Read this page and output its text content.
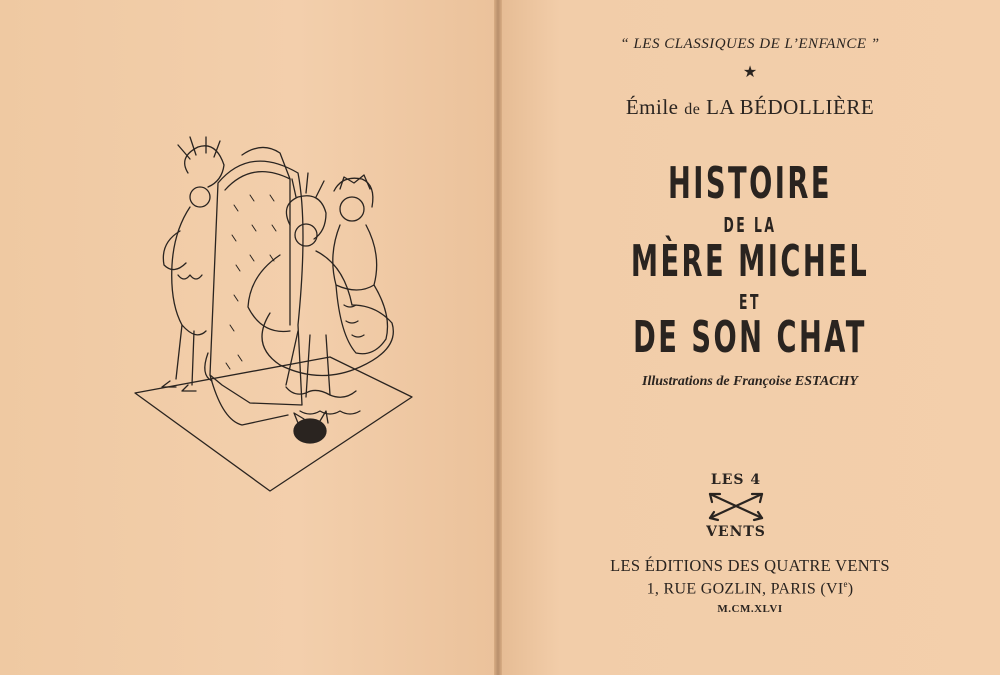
“ LES CLASSIQUES DE L’ENFANCE ”
★
Émile de LA BÉDOLLIÈRE
HISTOIRE
DE LA
MÈRE MICHEL
ET
DE SON CHAT
Illustrations de Françoise ESTACHY
LES 4
VENTS
LES ÉDITIONS DES QUATRE VENTS
1, RUE GOZLIN, PARIS (VIe)
M.CM.XLVI
